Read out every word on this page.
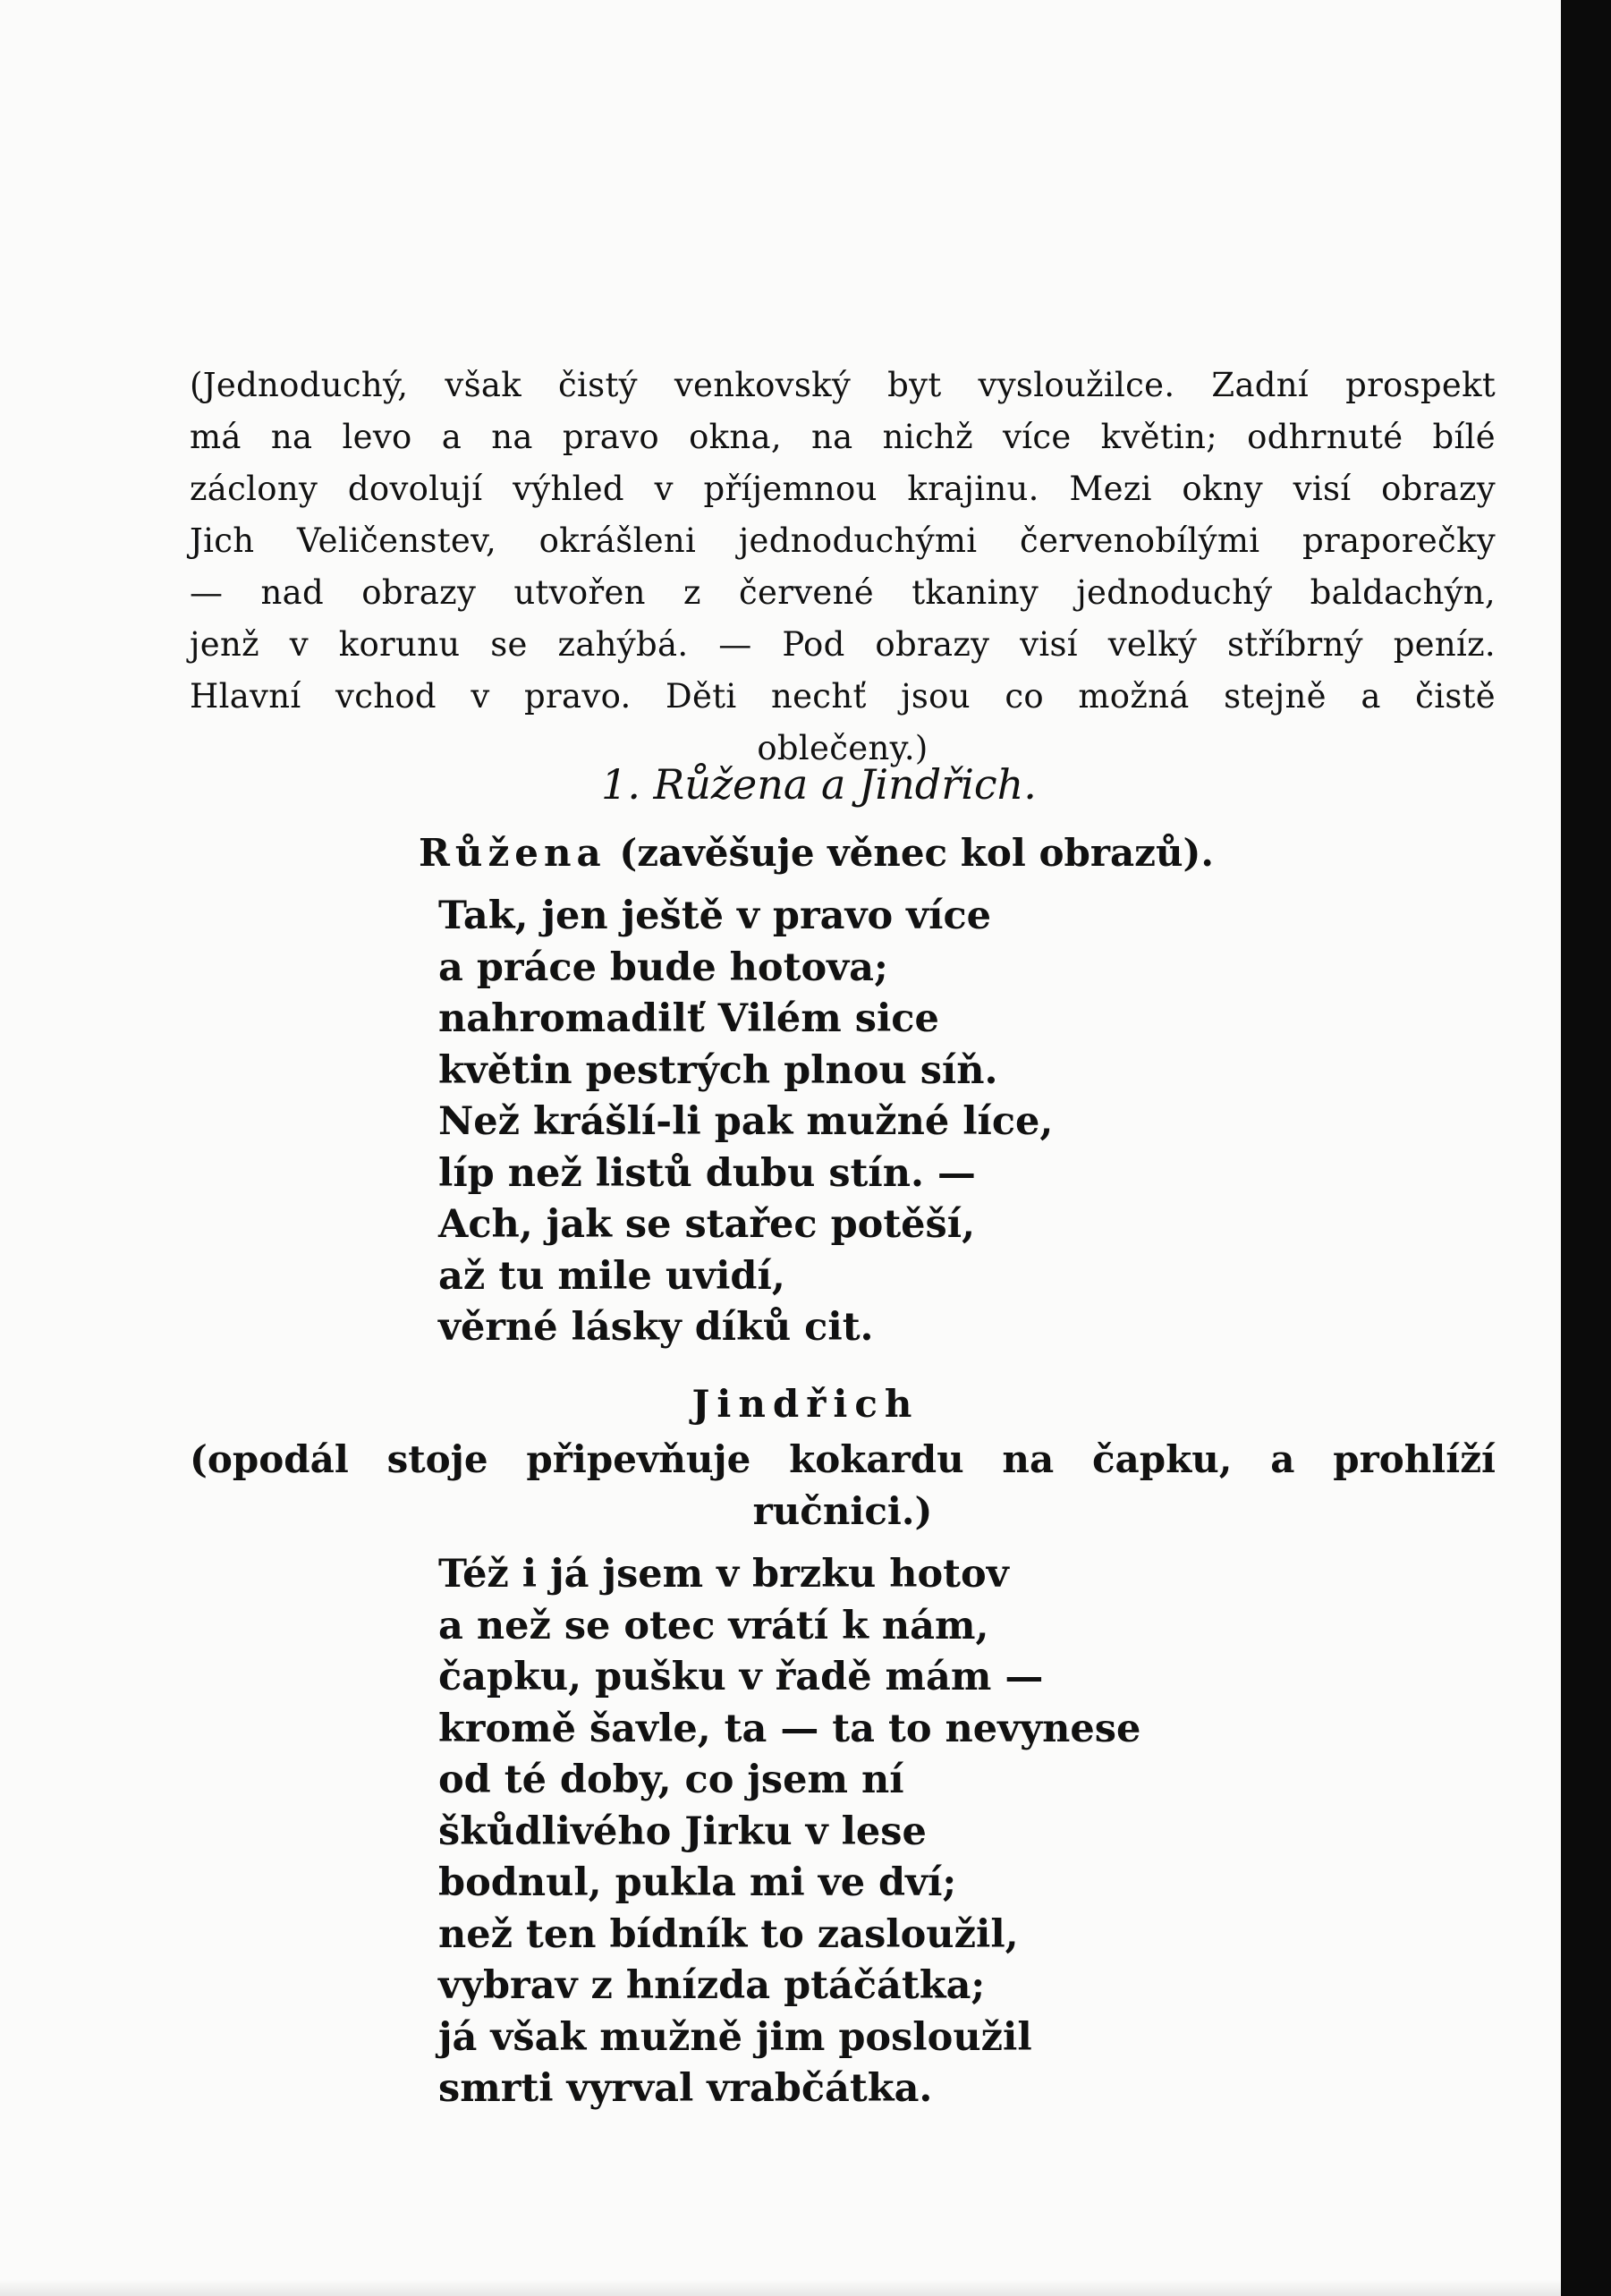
(Jednoduchý, však čistý venkovský byt vysloužilce. Zadní prospekt
má na levo a na pravo okna, na nichž více květin; odhrnuté bílé
záclony dovolují výhled v příjemnou krajinu. Mezi okny visí obrazy
Jich Veličenstev, okrášleni jednoduchými červenobílými praporečky
— nad obrazy utvořen z červené tkaniny jednoduchý baldachýn,
jenž v korunu se zahýbá. — Pod obrazy visí velký stříbrný peníz.
Hlavní vchod v pravo. Děti nechť jsou co možná stejně a čistě
oblečeny.)
1. Růžena a Jindřich.
Růžena (zavěšuje věnec kol obrazů).
Tak, jen ještě v pravo více
a práce bude hotova;
nahromadilť Vilém sice
květin pestrých plnou síň.
Než krášlí-li pak mužné líce,
líp než listů dubu stín. —
Ach, jak se stařec potěší,
až tu mile uvidí,
věrné lásky díků cit.
Jindřich
(opodál stoje připevňuje kokardu na čapku, a prohlíží
ručnici.)
Též i já jsem v brzku hotov
a než se otec vrátí k nám,
čapku, pušku v řadě mám —
kromě šavle, ta — ta to nevynese
od té doby, co jsem ní
škůdlivého Jirku v lese
bodnul, pukla mi ve dví;
než ten bídník to zasloužil,
vybrav z hnízda ptáčátka;
já však mužně jim posloužil
smrti vyrval vrabčátka.
